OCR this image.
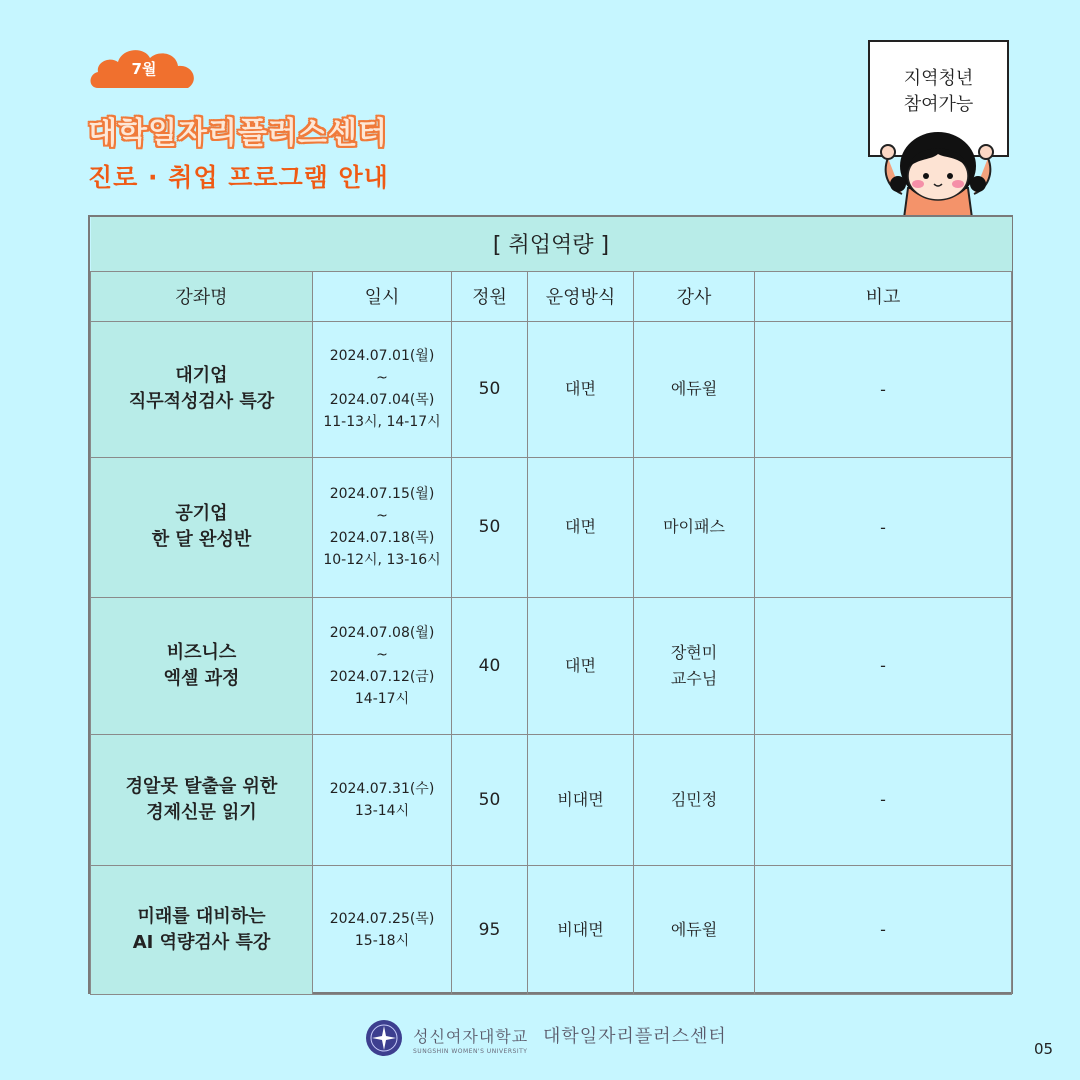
7월
대학일자리플러스센터
진로 · 취업 프로그램 안내
지역청년
참여가능
[ 취업역량 ]					
강좌명	일시	정원	운영방식	강사	비고

대기업
직무적성검사 특강	2024.07.01(월)
~
2024.07.04(목)
11-13시, 14-17시	50	대면	에듀윌	-

공기업
한 달 완성반	2024.07.15(월)
~
2024.07.18(목)
10-12시, 13-16시	50	대면	마이패스	-

비즈니스
엑셀 과정	2024.07.08(월)
~
2024.07.12(금)
14-17시	40	대면	장현미
교수님	-

경알못 탈출을 위한
경제신문 읽기	2024.07.31(수)
13-14시	50	비대면	김민정	-

미래를 대비하는
AI 역량검사 특강	2024.07.25(목)
15-18시	95	비대면	에듀윌	-
성신여자대학교 대학일자리플러스센터
SUNGSHIN WOMEN'S UNIVERSITY	05
